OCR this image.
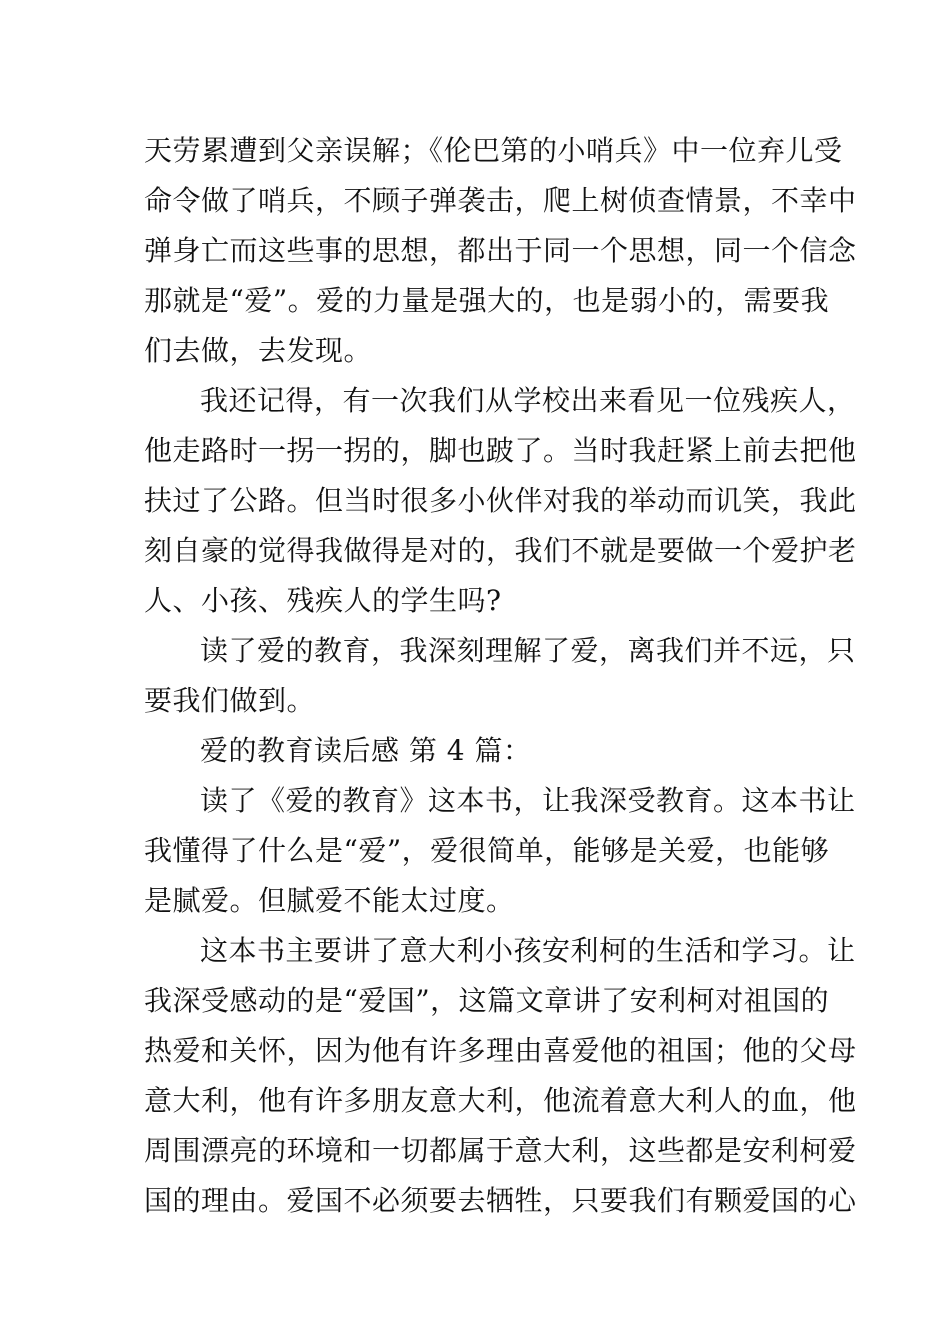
天劳累遭到父亲误解；《伦巴第的小哨兵》中一位弃儿受
命令做了哨兵，不顾子弹袭击，爬上树侦查情景，不幸中
弹身亡而这些事的思想，都出于同一个思想，同一个信念
那就是“爱”。爱的力量是强大的，也是弱小的，需要我
们去做，去发现。
我还记得，有一次我们从学校出来看见一位残疾人，
他走路时一拐一拐的，脚也跛了。当时我赶紧上前去把他
扶过了公路。但当时很多小伙伴对我的举动而讥笑，我此
刻自豪的觉得我做得是对的，我们不就是要做一个爱护老
人、小孩、残疾人的学生吗?
读了爱的教育，我深刻理解了爱，离我们并不远，只
要我们做到。
爱的教育读后感 第 4 篇：
读了《爱的教育》这本书，让我深受教育。这本书让
我懂得了什么是“爱”，爱很简单，能够是关爱，也能够
是腻爱。但腻爱不能太过度。
这本书主要讲了意大利小孩安利柯的生活和学习。让
我深受感动的是“爱国”，这篇文章讲了安利柯对祖国的
热爱和关怀，因为他有许多理由喜爱他的祖国；他的父母
意大利，他有许多朋友意大利，他流着意大利人的血，他
周围漂亮的环境和一切都属于意大利，这些都是安利柯爱
国的理由。爱国不必须要去牺牲，只要我们有颗爱国的心
